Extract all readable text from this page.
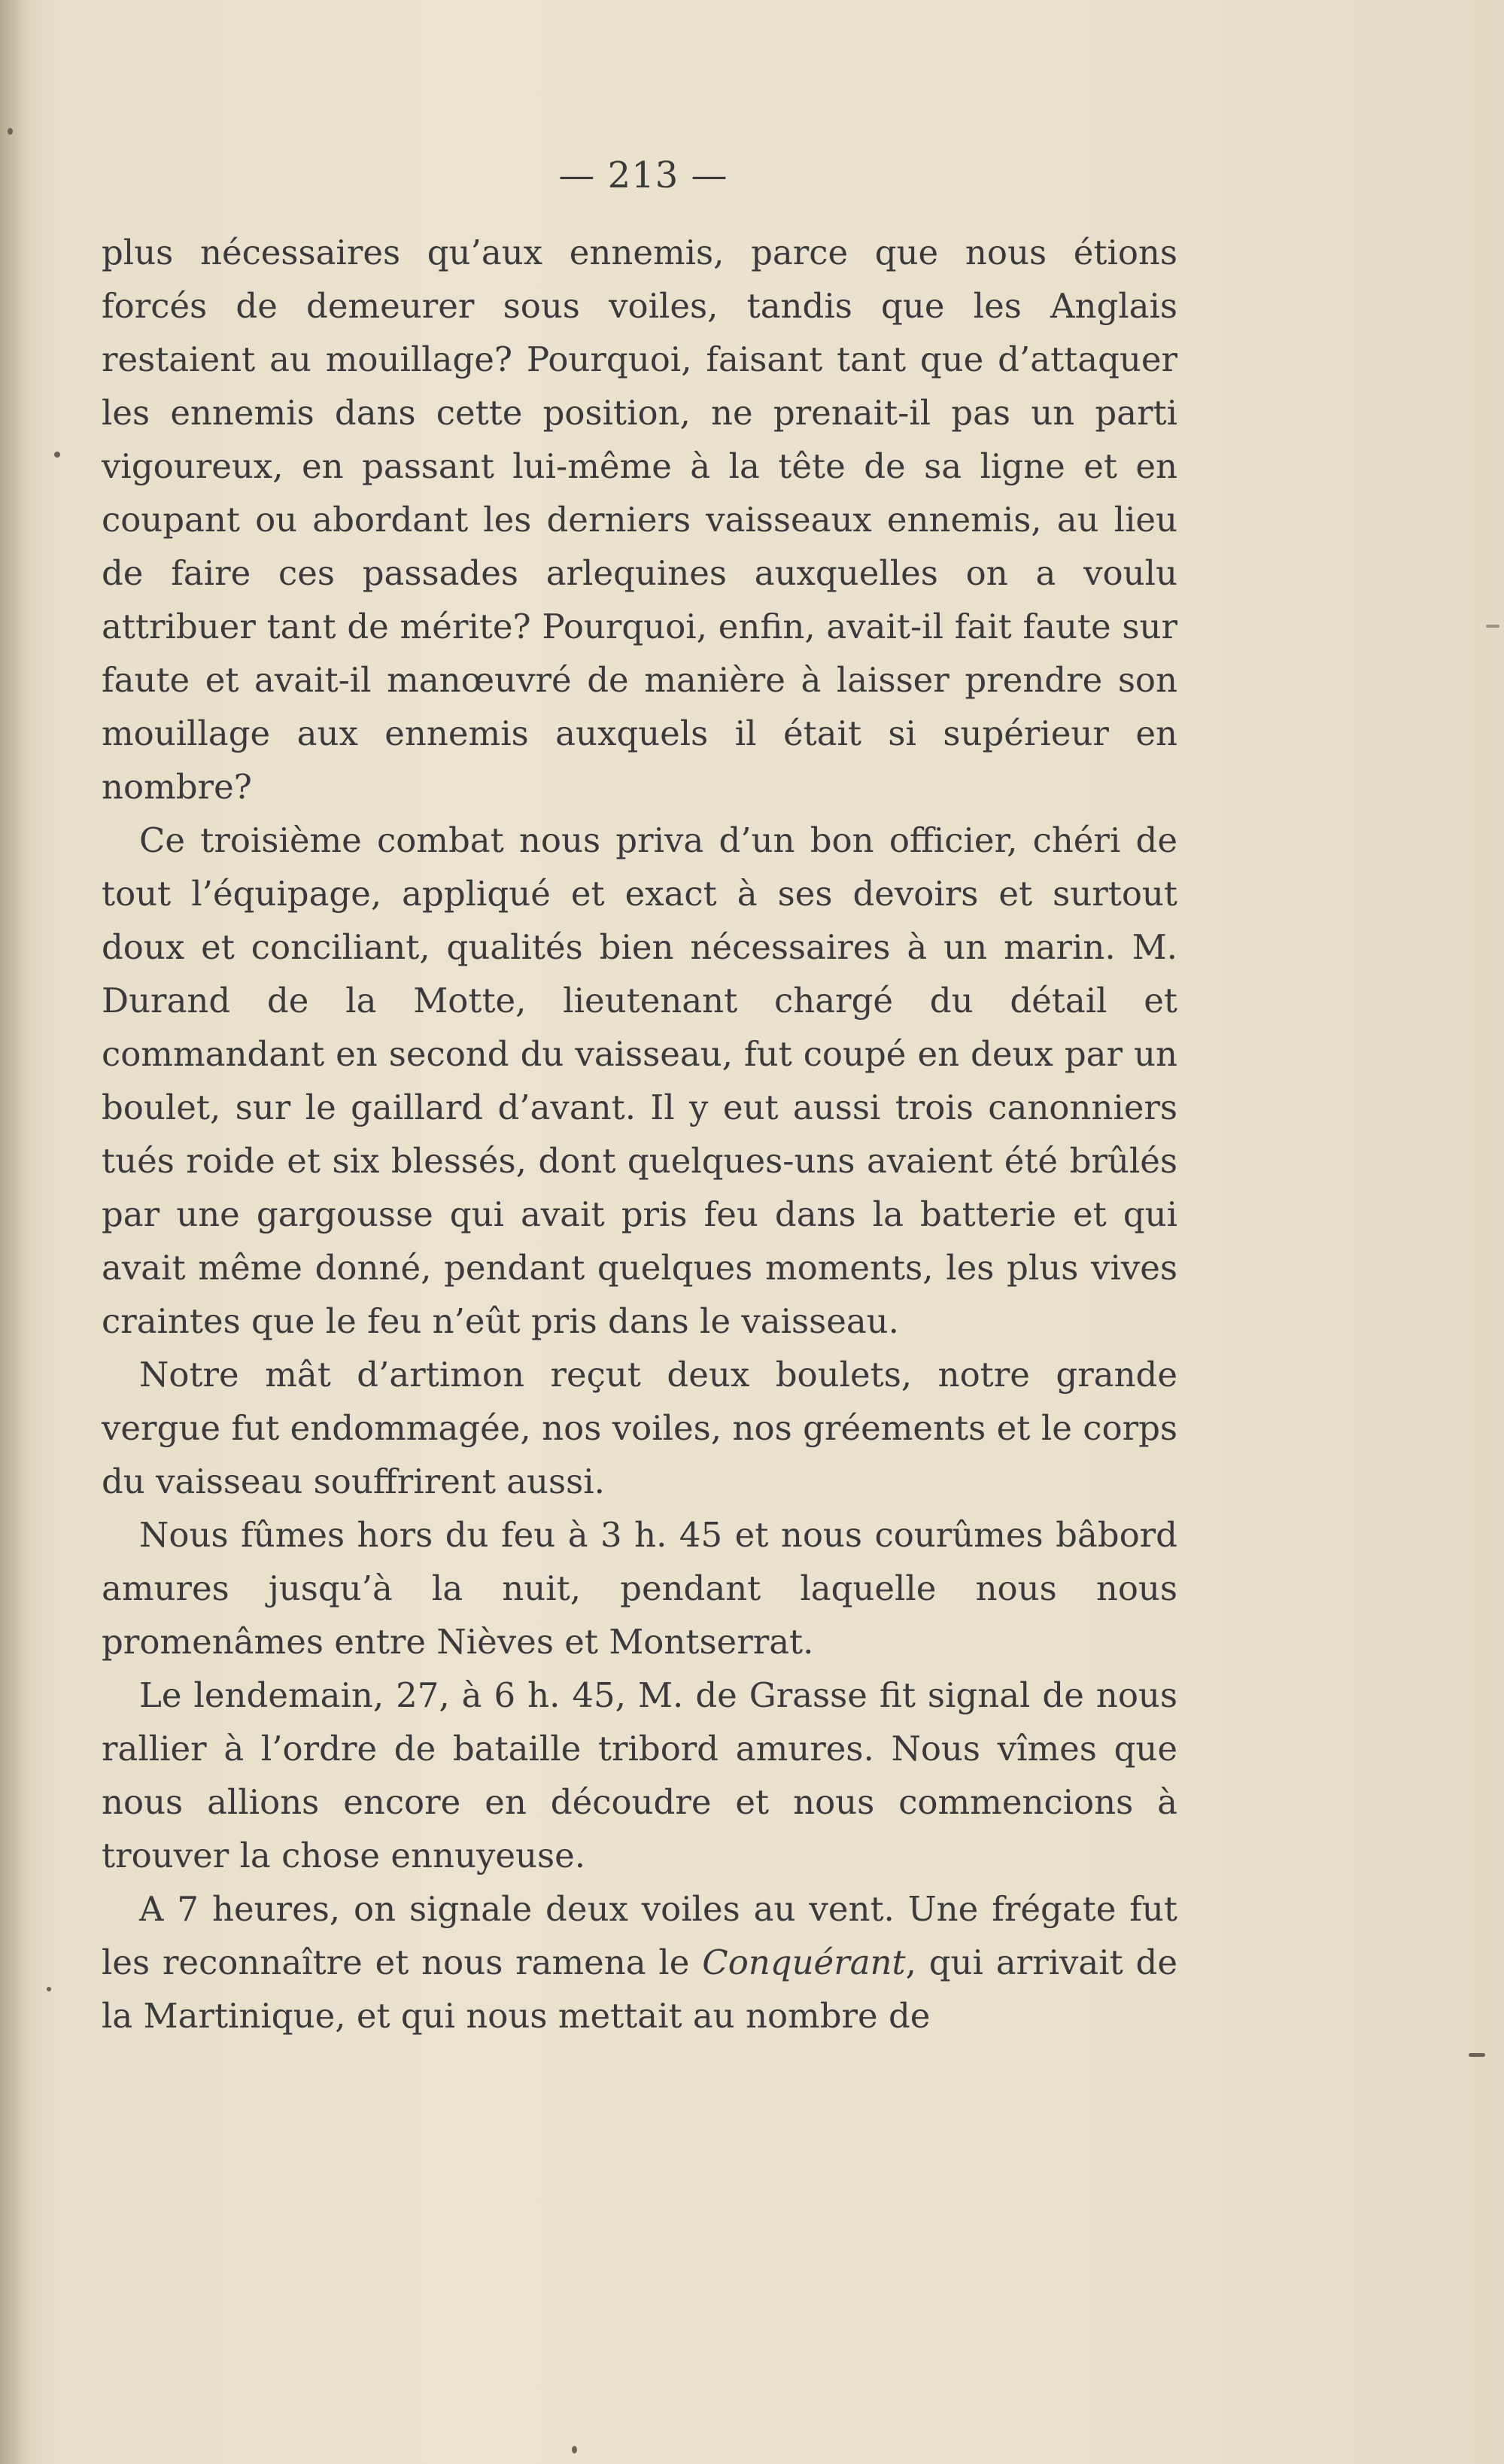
— 213 —

plus nécessaires qu’aux ennemis, parce que nous étions forcés de demeurer sous voiles, tandis que les Anglais restaient au mouillage? Pourquoi, faisant tant que d’attaquer les ennemis dans cette position, ne prenait-il pas un parti vigoureux, en passant lui-même à la tête de sa ligne et en coupant ou abordant les derniers vaisseaux ennemis, au lieu de faire ces passades arlequines auxquelles on a voulu attribuer tant de mérite? Pourquoi, enfin, avait-il fait faute sur faute et avait-il manœuvré de manière à laisser prendre son mouillage aux ennemis auxquels il était si supérieur en nombre?

Ce troisième combat nous priva d’un bon officier, chéri de tout l’équipage, appliqué et exact à ses devoirs et surtout doux et conciliant, qualités bien nécessaires à un marin. M. Durand de la Motte, lieutenant chargé du détail et commandant en second du vaisseau, fut coupé en deux par un boulet, sur le gaillard d’avant. Il y eut aussi trois canonniers tués roide et six blessés, dont quelques-uns avaient été brûlés par une gargousse qui avait pris feu dans la batterie et qui avait même donné, pendant quelques moments, les plus vives craintes que le feu n’eût pris dans le vaisseau.

Notre mât d’artimon reçut deux boulets, notre grande vergue fut endommagée, nos voiles, nos gréements et le corps du vaisseau souffrirent aussi.

Nous fûmes hors du feu à 3 h. 45 et nous courûmes bâbord amures jusqu’à la nuit, pendant laquelle nous nous promenâmes entre Nièves et Montserrat.

Le lendemain, 27, à 6 h. 45, M. de Grasse fit signal de nous rallier à l’ordre de bataille tribord amures. Nous vîmes que nous allions encore en découdre et nous commencions à trouver la chose ennuyeuse.

A 7 heures, on signale deux voiles au vent. Une frégate fut les reconnaître et nous ramena le Conquérant, qui arrivait de la Martinique, et qui nous mettait au nombre de
